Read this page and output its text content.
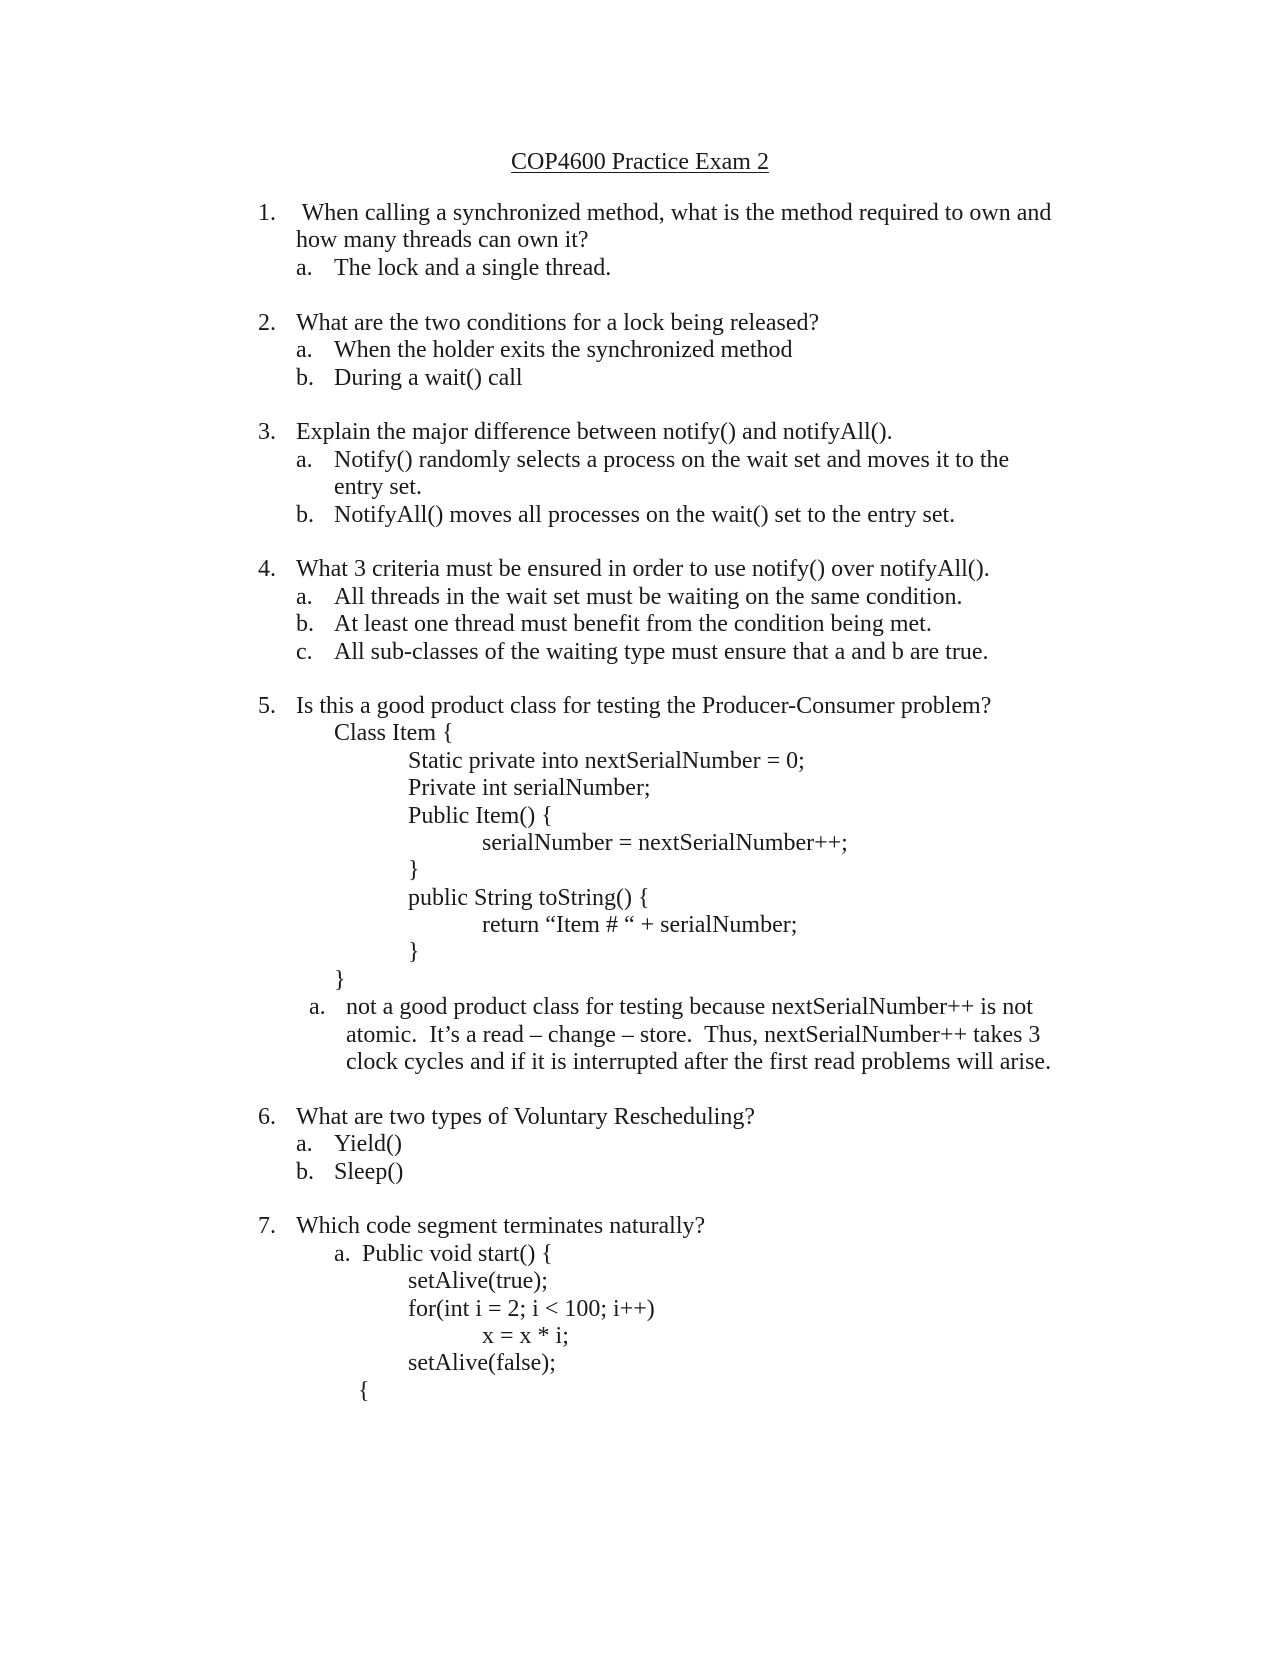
COP4600 Practice Exam 2
1. When calling a synchronized method, what is the method required to own and
how many threads can own it?
a. The lock and a single thread.
2. What are the two conditions for a lock being released?
a. When the holder exits the synchronized method
b. During a wait() call
3. Explain the major difference between notify() and notifyAll().
a. Notify() randomly selects a process on the wait set and moves it to the
entry set.
b. NotifyAll() moves all processes on the wait() set to the entry set.
4. What 3 criteria must be ensured in order to use notify() over notifyAll().
a. All threads in the wait set must be waiting on the same condition.
b. At least one thread must benefit from the condition being met.
c. All sub-classes of the waiting type must ensure that a and b are true.
5. Is this a good product class for testing the Producer-Consumer problem?
Class Item {
Static private into nextSerialNumber = 0;
Private int serialNumber;
Public Item() {
serialNumber = nextSerialNumber++;
}
public String toString() {
return “Item # “ + serialNumber;
}
}
a. not a good product class for testing because nextSerialNumber++ is not
atomic.  It’s a read – change – store.  Thus, nextSerialNumber++ takes 3
clock cycles and if it is interrupted after the first read problems will arise.
6. What are two types of Voluntary Rescheduling?
a. Yield()
b. Sleep()
7. Which code segment terminates naturally?
a. Public void start() {
setAlive(true);
for(int i = 2; i < 100; i++)
x = x * i;
setAlive(false);
{
